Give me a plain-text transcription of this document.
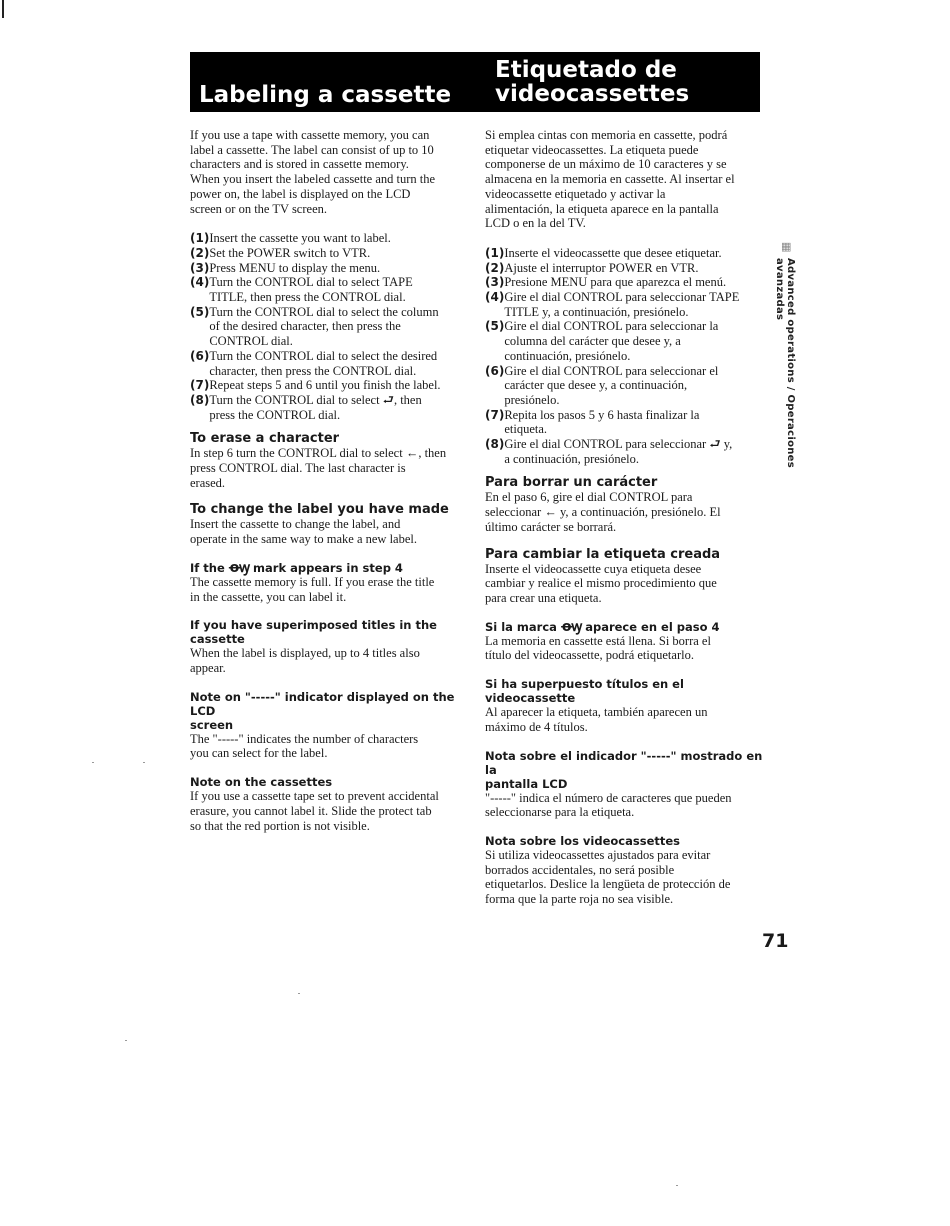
Labeling a cassette
Etiquetado de
videocassettes

If you use a tape with cassette memory, you can
label a cassette. The label can consist of up to 10
characters and is stored in cassette memory.
When you insert the labeled cassette and turn the
power on, the label is displayed on the LCD
screen or on the TV screen.

(1) Insert the cassette you want to label.
(2) Set the POWER switch to VTR.
(3) Press MENU to display the menu.
(4) Turn the CONTROL dial to select TAPE
TITLE, then press the CONTROL dial.
(5) Turn the CONTROL dial to select the column
of the desired character, then press the
CONTROL dial.
(6) Turn the CONTROL dial to select the desired
character, then press the CONTROL dial.
(7) Repeat steps 5 and 6 until you finish the label.
(8) Turn the CONTROL dial to select ⮐, then
press the CONTROL dial.
To erase a character

In step 6 turn the CONTROL dial to select ←, then
press CONTROL dial. The last character is
erased.

To change the label you have made

Insert the cassette to change the label, and
operate in the same way to make a new label.

If the ꝋꝡ mark appears in step 4

The cassette memory is full. If you erase the title
in the cassette, you can label it.

If you have superimposed titles in the cassette

When the label is displayed, up to 4 titles also
appear.

Note on "-----" indicator displayed on the LCD
screen

The "-----" indicates the number of characters
you can select for the label.

Note on the cassettes

If you use a cassette tape set to prevent accidental
erasure, you cannot label it. Slide the protect tab
so that the red portion is not visible.

Si emplea cintas con memoria en cassette, podrá
etiquetar videocassettes. La etiqueta puede
componerse de un máximo de 10 caracteres y se
almacena en la memoria en cassette. Al insertar el
videocassette etiquetado y activar la
alimentación, la etiqueta aparece en la pantalla
LCD o en la del TV.

(1) Inserte el videocassette que desee etiquetar.
(2) Ajuste el interruptor POWER en VTR.
(3) Presione MENU para que aparezca el menú.
(4) Gire el dial CONTROL para seleccionar TAPE
TITLE y, a continuación, presiónelo.
(5) Gire el dial CONTROL para seleccionar la
columna del carácter que desee y, a
continuación, presiónelo.
(6) Gire el dial CONTROL para seleccionar el
carácter que desee y, a continuación,
presiónelo.
(7) Repita los pasos 5 y 6 hasta finalizar la
etiqueta.
(8) Gire el dial CONTROL para seleccionar ⮐ y,
a continuación, presiónelo.
Para borrar un carácter

En el paso 6, gire el dial CONTROL para
seleccionar ← y, a continuación, presiónelo. El
último carácter se borrará.

Para cambiar la etiqueta creada

Inserte el videocassette cuya etiqueta desee
cambiar y realice el mismo procedimiento que
para crear una etiqueta.

Si la marca ꝋꝡ aparece en el paso 4

La memoria en cassette está llena. Si borra el
título del videocassette, podrá etiquetarlo.

Si ha superpuesto títulos en el videocassette

Al aparecer la etiqueta, también aparecen un
máximo de 4 títulos.

Nota sobre el indicador "-----" mostrado en la
pantalla LCD

"-----" indica el número de caracteres que pueden
seleccionarse para la etiqueta.

Nota sobre los videocassettes

Si utiliza videocassettes ajustados para evitar
borrados accidentales, no será posible
etiquetarlos. Deslice la lengüeta de protección de
forma que la parte roja no sea visible.

▦
Advanced operations / Operaciones avanzadas
71
